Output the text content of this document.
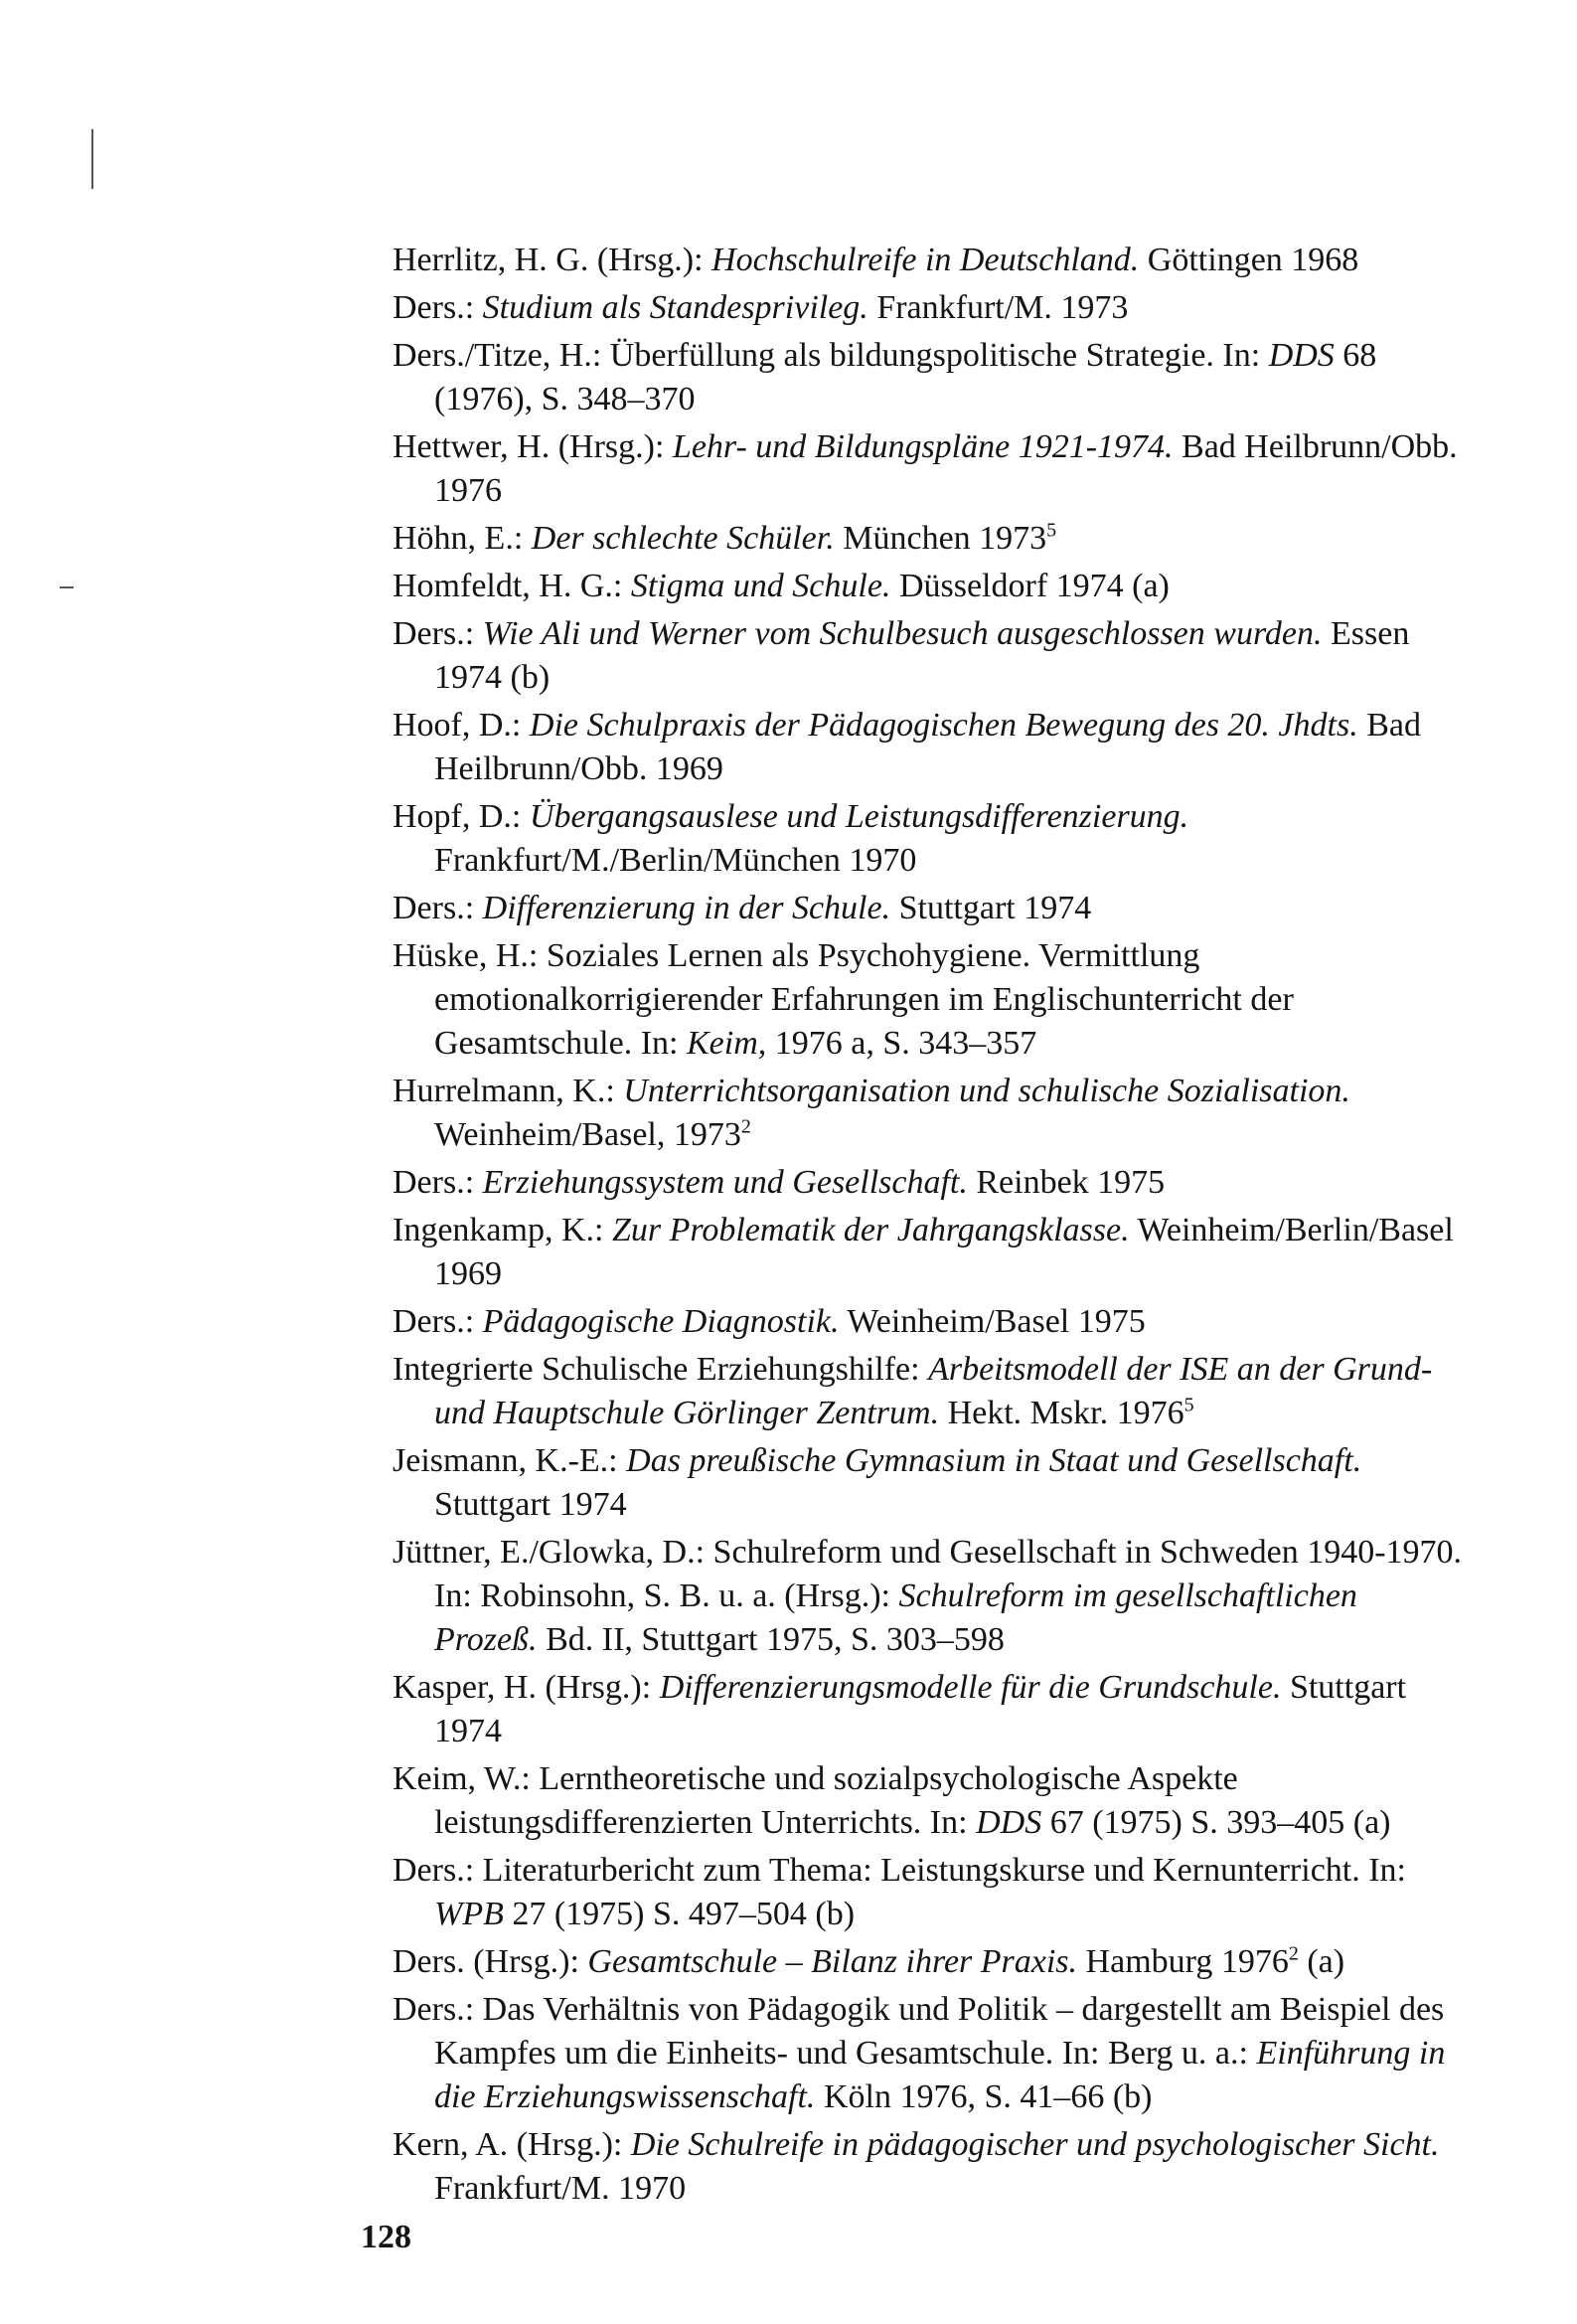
Herrlitz, H. G. (Hrsg.): Hochschulreife in Deutschland. Göttingen 1968

Ders.: Studium als Standesprivileg. Frankfurt/M. 1973

Ders./Titze, H.: Überfüllung als bildungspolitische Strategie. In: DDS 68 (1976), S. 348–370

Hettwer, H. (Hrsg.): Lehr- und Bildungspläne 1921-1974. Bad Heilbrunn/Obb. 1976

Höhn, E.: Der schlechte Schüler. München 1973$^5$

Homfeldt, H. G.: Stigma und Schule. Düsseldorf 1974 (a)

Ders.: Wie Ali und Werner vom Schulbesuch ausgeschlossen wurden. Essen 1974 (b)

Hoof, D.: Die Schulpraxis der Pädagogischen Bewegung des 20. Jhdts. Bad Heilbrunn/Obb. 1969

Hopf, D.: Übergangsauslese und Leistungsdifferenzierung. Frankfurt/M./Berlin/München 1970

Ders.: Differenzierung in der Schule. Stuttgart 1974

Hüske, H.: Soziales Lernen als Psychohygiene. Vermittlung emotionalkorrigierender Erfahrungen im Englischunterricht der Gesamtschule. In: Keim, 1976 a, S. 343–357

Hurrelmann, K.: Unterrichtsorganisation und schulische Sozialisation. Weinheim/Basel, 1973$^2$

Ders.: Erziehungssystem und Gesellschaft. Reinbek 1975

Ingenkamp, K.: Zur Problematik der Jahrgangsklasse. Weinheim/Berlin/Basel 1969

Ders.: Pädagogische Diagnostik. Weinheim/Basel 1975

Integrierte Schulische Erziehungshilfe: Arbeitsmodell der ISE an der Grund- und Hauptschule Görlinger Zentrum. Hekt. Mskr. 1976$^5$

Jeismann, K.-E.: Das preußische Gymnasium in Staat und Gesellschaft. Stuttgart 1974

Jüttner, E./Glowka, D.: Schulreform und Gesellschaft in Schweden 1940-1970. In: Robinsohn, S. B. u. a. (Hrsg.): Schulreform im gesellschaftlichen Prozeß. Bd. II, Stuttgart 1975, S. 303–598

Kasper, H. (Hrsg.): Differenzierungsmodelle für die Grundschule. Stuttgart 1974

Keim, W.: Lerntheoretische und sozialpsychologische Aspekte leistungsdifferenzierten Unterrichts. In: DDS 67 (1975) S. 393–405 (a)

Ders.: Literaturbericht zum Thema: Leistungskurse und Kernunterricht. In: WPB 27 (1975) S. 497–504 (b)

Ders. (Hrsg.): Gesamtschule – Bilanz ihrer Praxis. Hamburg 1976$^2$ (a)

Ders.: Das Verhältnis von Pädagogik und Politik – dargestellt am Beispiel des Kampfes um die Einheits- und Gesamtschule. In: Berg u. a.: Einführung in die Erziehungswissenschaft. Köln 1976, S. 41–66 (b)

Kern, A. (Hrsg.): Die Schulreife in pädagogischer und psychologischer Sicht. Frankfurt/M. 1970

128
